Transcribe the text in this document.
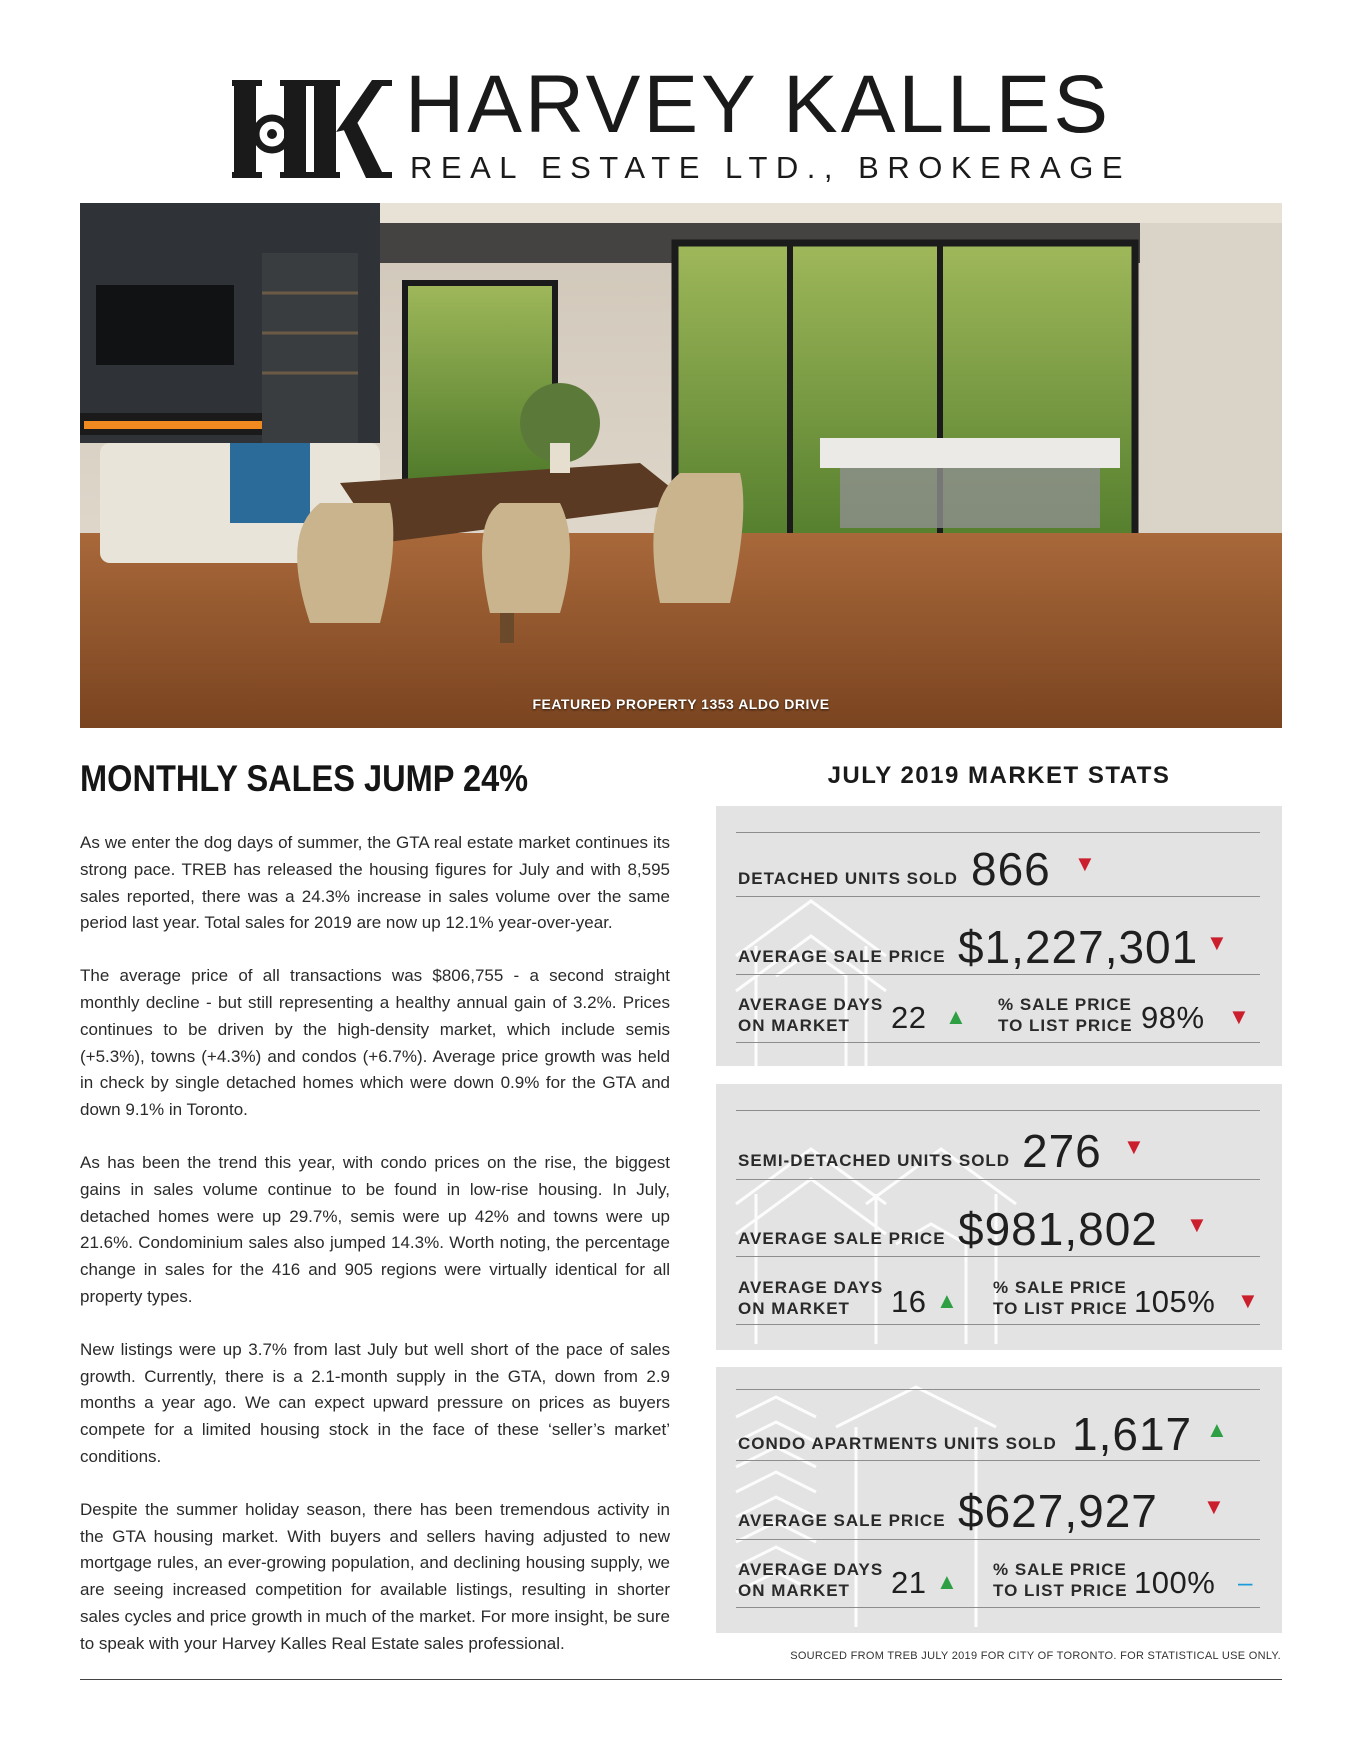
HARVEY KALLES
REAL ESTATE LTD., BROKERAGE
FEATURED PROPERTY 1353 ALDO DRIVE
MONTHLY SALES JUMP 24%

As we enter the dog days of summer, the GTA real estate market continues its strong pace. TREB has released the housing figures for July and with 8,595 sales reported, there was a 24.3% increase in sales volume over the same period last year. Total sales for 2019 are now up 12.1% year-over-year.

The average price of all transactions was $806,755 - a second straight monthly decline - but still representing a healthy annual gain of 3.2%. Prices continues to be driven by the high-density market, which include semis (+5.3%), towns (+4.3%) and condos (+6.7%). Average price growth was held in check by single detached homes which were down 0.9% for the GTA and down 9.1% in Toronto.

As has been the trend this year, with condo prices on the rise, the biggest gains in sales volume continue to be found in low-rise housing. In July, detached homes were up 29.7%, semis were up 42% and towns were up 21.6%. Condominium sales also jumped 14.3%. Worth noting, the percentage change in sales for the 416 and 905 regions were virtually identical for all property types.

New listings were up 3.7% from last July but well short of the pace of sales growth. Currently, there is a 2.1-month supply in the GTA, down from 2.9 months a year ago. We can expect upward pressure on prices as buyers compete for a limited housing stock in the face of these ‘seller’s market’ conditions.

Despite the summer holiday season, there has been tremendous activity in the GTA housing market. With buyers and sellers having adjusted to new mortgage rules, an ever-growing population, and declining housing supply, we are seeing increased competition for available listings, resulting in shorter sales cycles and price growth in much of the market. For more insight, be sure to speak with your Harvey Kalles Real Estate sales professional.

JULY 2019 MARKET STATS
DETACHED UNITS SOLD 866 ▼
AVERAGE SALE PRICE $1,227,301 ▼
AVERAGE DAYS
ON MARKET 22 ▲ % SALE PRICE
TO LIST PRICE 98% ▼
SEMI-DETACHED UNITS SOLD 276 ▼
AVERAGE SALE PRICE $981,802 ▼
AVERAGE DAYS
ON MARKET 16 ▲
% SALE PRICE
TO LIST PRICE 105% ▼
CONDO APARTMENTS UNITS SOLD 1,617 ▲
AVERAGE SALE PRICE $627,927 ▼
AVERAGE DAYS
ON MARKET 21 ▲ % SALE PRICE
TO LIST PRICE 100% –
SOURCED FROM TREB JULY 2019 FOR CITY OF TORONTO. FOR STATISTICAL USE ONLY.
